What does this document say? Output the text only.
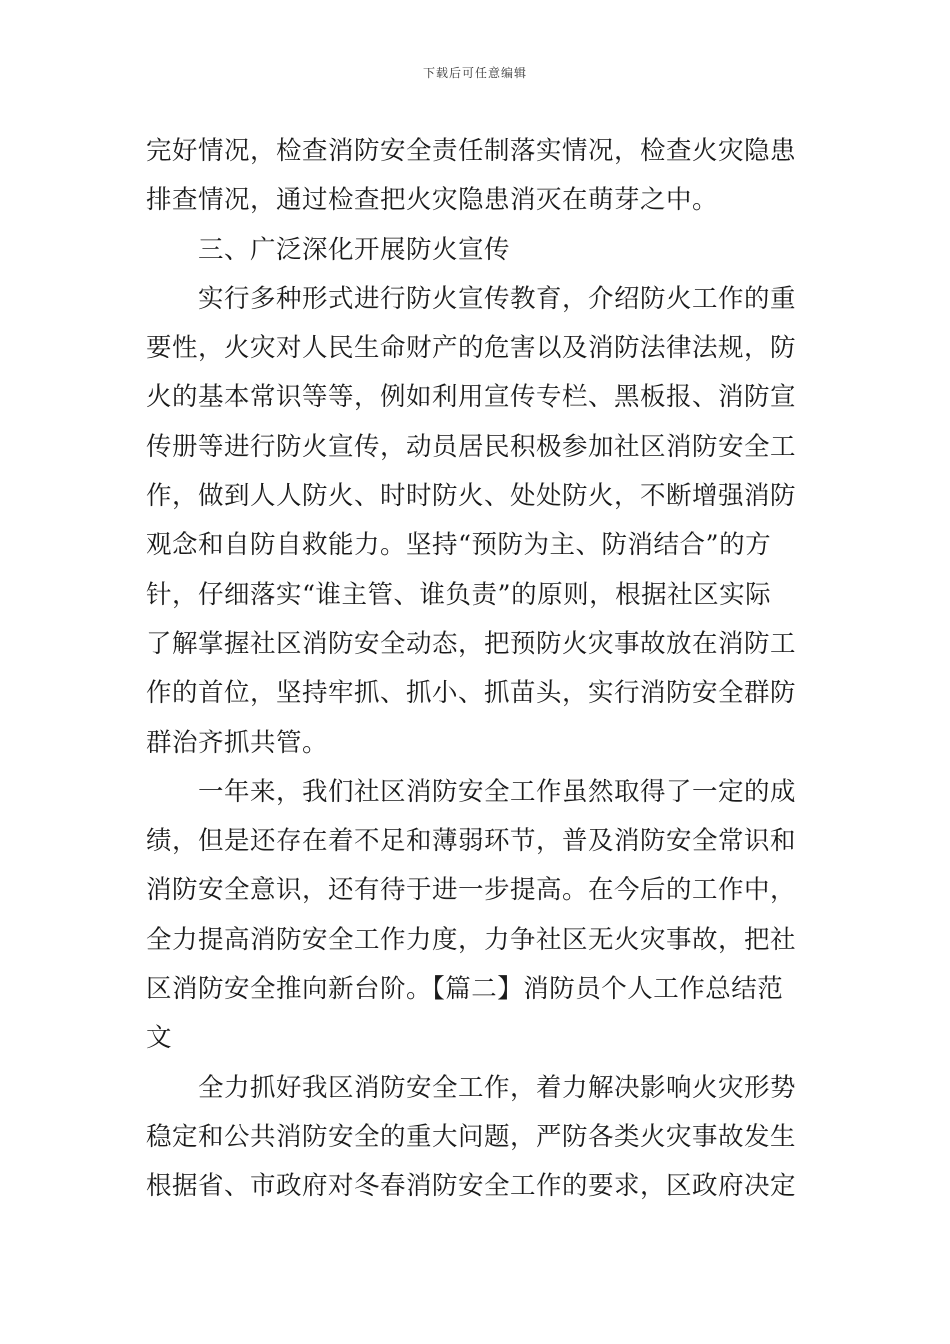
下载后可任意编辑
完好情况，检查消防安全责任制落实情况，检查火灾隐患
排查情况，通过检查把火灾隐患消灭在萌芽之中。
三、广泛深化开展防火宣传
实行多种形式进行防火宣传教育，介绍防火工作的重
要性，火灾对人民生命财产的危害以及消防法律法规，防
火的基本常识等等，例如利用宣传专栏、黑板报、消防宣
传册等进行防火宣传，动员居民积极参加社区消防安全工
作，做到人人防火、时时防火、处处防火，不断增强消防
观念和自防自救能力。坚持“预防为主、防消结合”的方
针，仔细落实“谁主管、谁负责”的原则，根据社区实际
了解掌握社区消防安全动态，把预防火灾事故放在消防工
作的首位，坚持牢抓、抓小、抓苗头，实行消防安全群防
群治齐抓共管。
一年来，我们社区消防安全工作虽然取得了一定的成
绩，但是还存在着不足和薄弱环节，普及消防安全常识和
消防安全意识，还有待于进一步提高。在今后的工作中，
全力提高消防安全工作力度，力争社区无火灾事故，把社
区消防安全推向新台阶。【篇二】消防员个人工作总结范
文
全力抓好我区消防安全工作，着力解决影响火灾形势
稳定和公共消防安全的重大问题，严防各类火灾事故发生
根据省、市政府对冬春消防安全工作的要求，区政府决定
